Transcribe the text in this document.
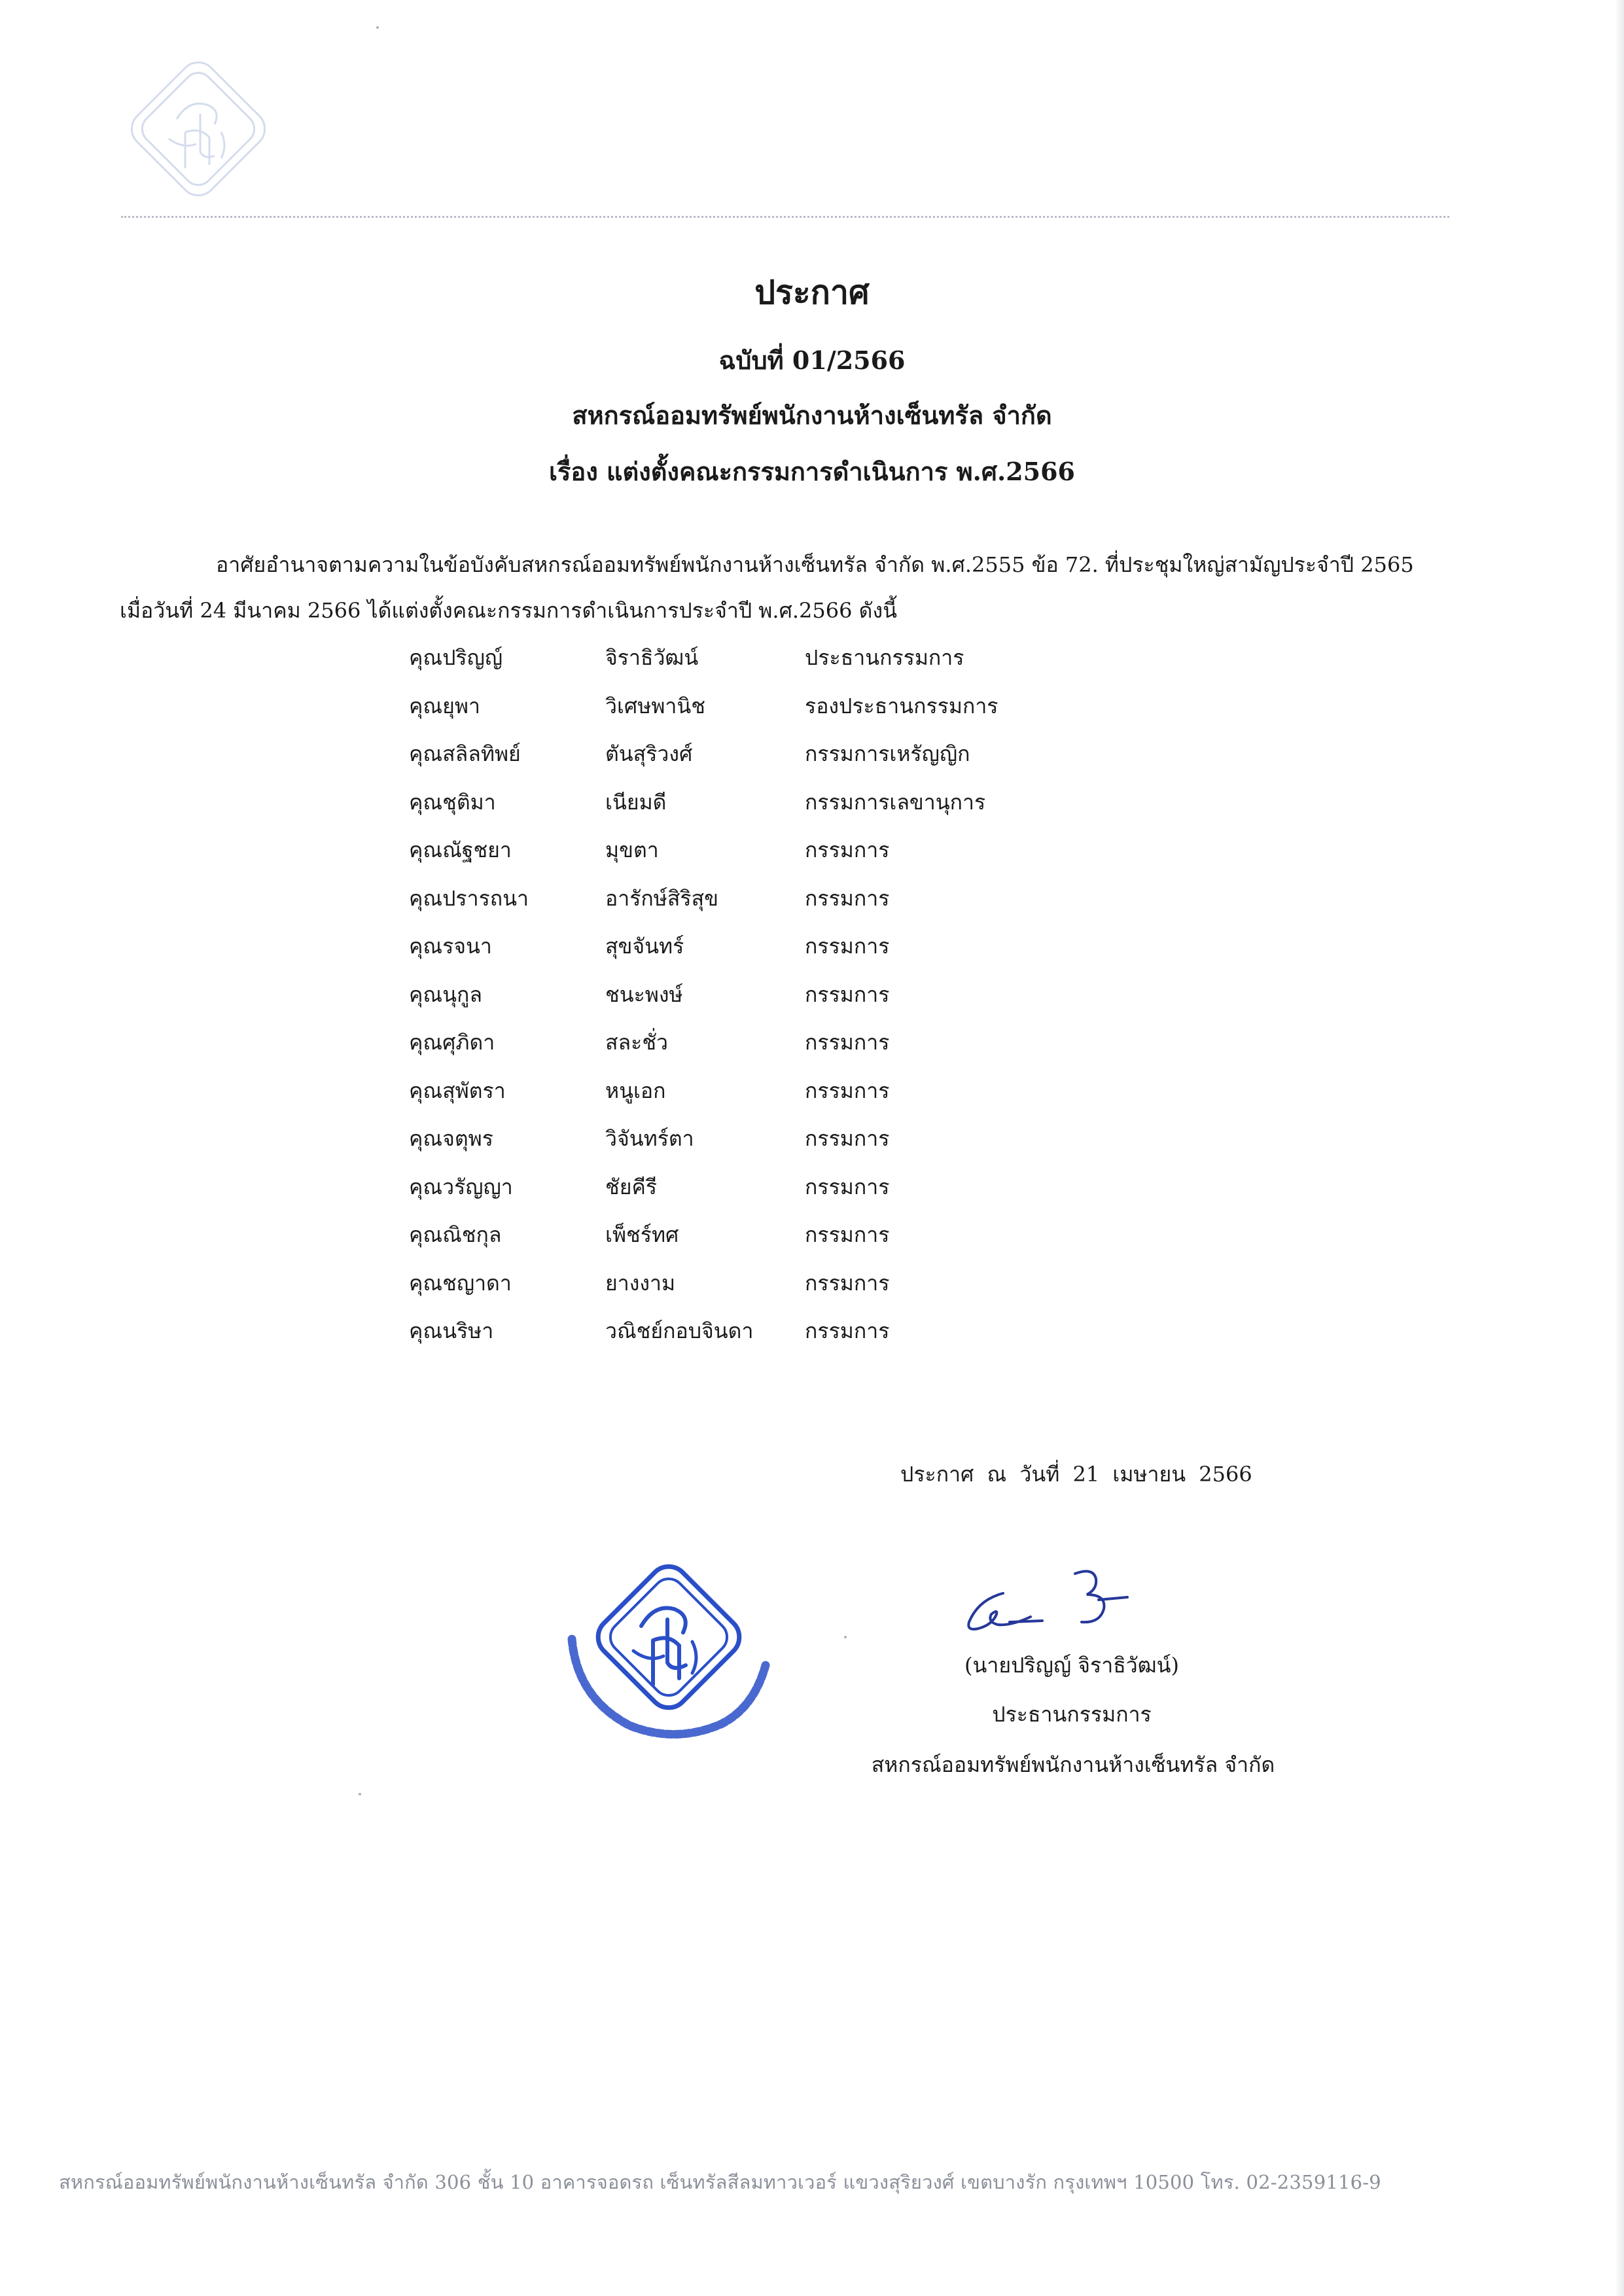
ประกาศ
ฉบับที่ 01/2566
สหกรณ์ออมทรัพย์พนักงานห้างเซ็นทรัล จำกัด
เรื่อง แต่งตั้งคณะกรรมการดำเนินการ พ.ศ.2566
อาศัยอำนาจตามความในข้อบังคับสหกรณ์ออมทรัพย์พนักงานห้างเซ็นทรัล จำกัด พ.ศ.2555 ข้อ 72. ที่ประชุมใหญ่สามัญประจำปี 2565
เมื่อวันที่ 24 มีนาคม 2566 ได้แต่งตั้งคณะกรรมการดำเนินการประจำปี พ.ศ.2566 ดังนี้
คุณปริญญ์	จิราธิวัฒน์	ประธานกรรมการ
คุณยุพา	วิเศษพานิช	รองประธานกรรมการ
คุณสลิลทิพย์	ตันสุริวงศ์	กรรมการเหรัญญิก
คุณชุติมา	เนียมดี	กรรมการเลขานุการ
คุณณัฐชยา	มุขตา	กรรมการ
คุณปรารถนา	อารักษ์สิริสุข	กรรมการ
คุณรจนา	สุขจันทร์	กรรมการ
คุณนุกูล	ชนะพงษ์	กรรมการ
คุณศุภิดา	สละชั่ว	กรรมการ
คุณสุพัตรา	หนูเอก	กรรมการ
คุณจตุพร	วิจันทร์ตา	กรรมการ
คุณวรัญญา	ชัยคีรี	กรรมการ
คุณณิชกุล	เพ็ชร์ทศ	กรรมการ
คุณชญาดา	ยางงาม	กรรมการ
คุณนริษา	วณิชย์กอบจินดา	กรรมการ
ประกาศ ณ วันที่ 21 เมษายน 2566
(นายปริญญ์ จิราธิวัฒน์)
ประธานกรรมการ
สหกรณ์ออมทรัพย์พนักงานห้างเซ็นทรัล จำกัด
สหกรณ์ออมทรัพย์พนักงานห้างเซ็นทรัล จำกัด 306 ชั้น 10 อาคารจอดรถ เซ็นทรัลสีลมทาวเวอร์ แขวงสุริยวงศ์ เขตบางรัก กรุงเทพฯ 10500 โทร. 02-2359116-9
